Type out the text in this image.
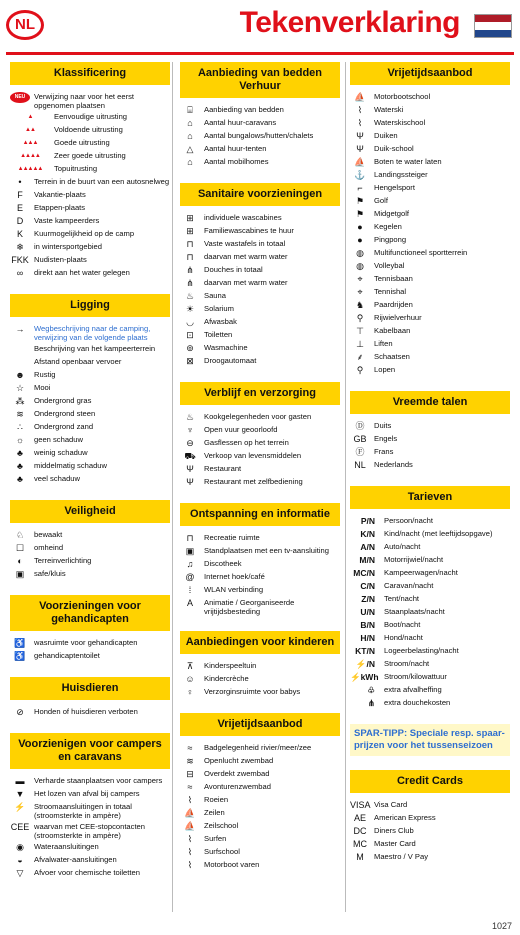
NL	Tekenverklaring
Klassificering
NEU	Verwijzing naar voor het eerst opgenomen plaatsen
▲	Eenvoudige uitrusting
▲▲	Voldoende uitrusting
▲▲▲	Goede uitrusting
▲▲▲▲	Zeer goede uitrusting
▲▲▲▲▲	Topuitrusting
•	Terrein in de buurt van een autosnelweg
F	Vakantie-plaats
E	Etappen-plaats
D	Vaste kampeerders
K	Kuurmogelijkheid op de camp
❄	in wintersportgebied
FKK Nudisten-plaats
∞	direkt aan het water gelegen
Ligging
→	Wegbeschrijving naar de camping, verwijzing van de volgende plaats
Beschrijving van het kampeerterrein
Afstand openbaar vervoer
☻	Rustig
☆	Mooi
⁂	Ondergrond gras
≋	Ondergrond steen
∴	Ondergrond zand
☼	geen schaduw
♣	weinig schaduw
♣	middelmatig schaduw
♣	veel schaduw
Veiligheid
♘	bewaakt
☐	omheind
◐	Terreinverlichting
▣	safe/kluis
Voorzieningen voor gehandicapten
♿	wasruimte voor gehandicapten
♿	gehandicaptentoilet
Huisdieren
⊘	Honden of huisdieren verboten
Voorzienigen voor campers en caravans
▬	Verharde staanplaatsen voor campers
▼	Het lozen van afval bij campers
⚡	Stroomaansluitingen in totaal (stroomsterkte in ampère)
CEE waarvan met CEE-stopcontacten (stroomsterkte in ampère)
◉	Wateraansluitingen
◒	Afvalwater-aansluitingen
▽	Afvoer voor chemische toiletten
Aanbieding van bedden Verhuur
⌸	Aanbieding van bedden
⌂	Aantal huur-caravans
⌂	Aantal bungalows/hutten/chalets
△	Aantal huur-tenten
⌂	Aantal mobilhomes
Sanitaire voorzieningen
⊞	individuele wascabines
⊞	Familiewascabines te huur
⊓	Vaste wastafels in totaal
⊓	daarvan met warm water
⋔	Douches in totaal
⋔	daarvan met warm water
♨	Sauna
☀	Solarium
◡	Afwasbak
⊡	Toiletten
⊚	Wasmachine
⊠	Droogautomaat
Verblijf en verzorging
♨	Kookgelegenheden voor gasten
♆	Open vuur geoorloofd
⊖	Gasflessen op het terrein
⛟	Verkoop van levensmiddelen
Ψ	Restaurant
Ψ	Restaurant met zelfbediening
Ontspanning en informatie
⊓	Recreatie ruimte
▣	Standplaatsen met een tv-aansluiting
♫	Discotheek
@	Internet hoek/café
⁞	WLAN verbinding
A	Animatie / Georganiseerde vrijtijdsbesteding
Aanbiedingen voor kinderen
⊼	Kinderspeeltuin
☺	Kindercrèche
♀	Verzorginsruimte voor babys
Vrijetijdsaanbod
≈	Badgelegenheid rivier/meer/zee
≋	Openlucht zwembad
⊟	Overdekt zwembad
≈	Avonturenzwembad
⌇	Roeien
⛵	Zeilen
⛵	Zeilschool
⌇	Surfen
⌇	Surfschool
⌇	Motorboot varen
Vrijetijdsaanbod
⛵	Motorbootschool
⌇	Waterski
⌇	Waterskischool
Ψ	Duiken
Ψ	Duik-school
⛵	Boten te water laten
⚓	Landingssteiger
⌐	Hengelsport
⚑	Golf
⚑	Midgetgolf
●	Kegelen
●	Pingpong
◍	Multifunctioneel sportterrein
◍	Volleybal
⌖	Tennisbaan
⌖	Tennishal
♞	Paardrijden
⚲	Rijwielverhuur
⊤	Kabelbaan
⊥	Liften
⸙	Schaatsen
⚲	Lopen
Vreemde talen
Ⓓ	Duits
GB Engels
Ⓕ	Frans
NL	Nederlands
Tarieven
P/N	Persoon/nacht
K/N	Kind/nacht (met leeftijdsopgave)
A/N	Auto/nacht
M/N	Motorrijwiel/nacht
MC/N	Kampeerwagen/nacht
C/N	Caravan/nacht
Z/N	Tent/nacht
U/N	Staanplaats/nacht
B/N	Boot/nacht
H/N	Hond/nacht
KT/N	Logeerbelasting/nacht
⚡/N	Stroom/nacht
⚡kWh Stroom/kilowattuur
♧	extra afvalheffing
⋔	extra douchekosten
SPAR-TIPP: Speciale resp. spaar-prijzen voor het tussenseizoen
Credit Cards
VISA Visa Card
AE	American Express
DC Diners Club
MC Master Card
M	Maestro / V Pay
1027
